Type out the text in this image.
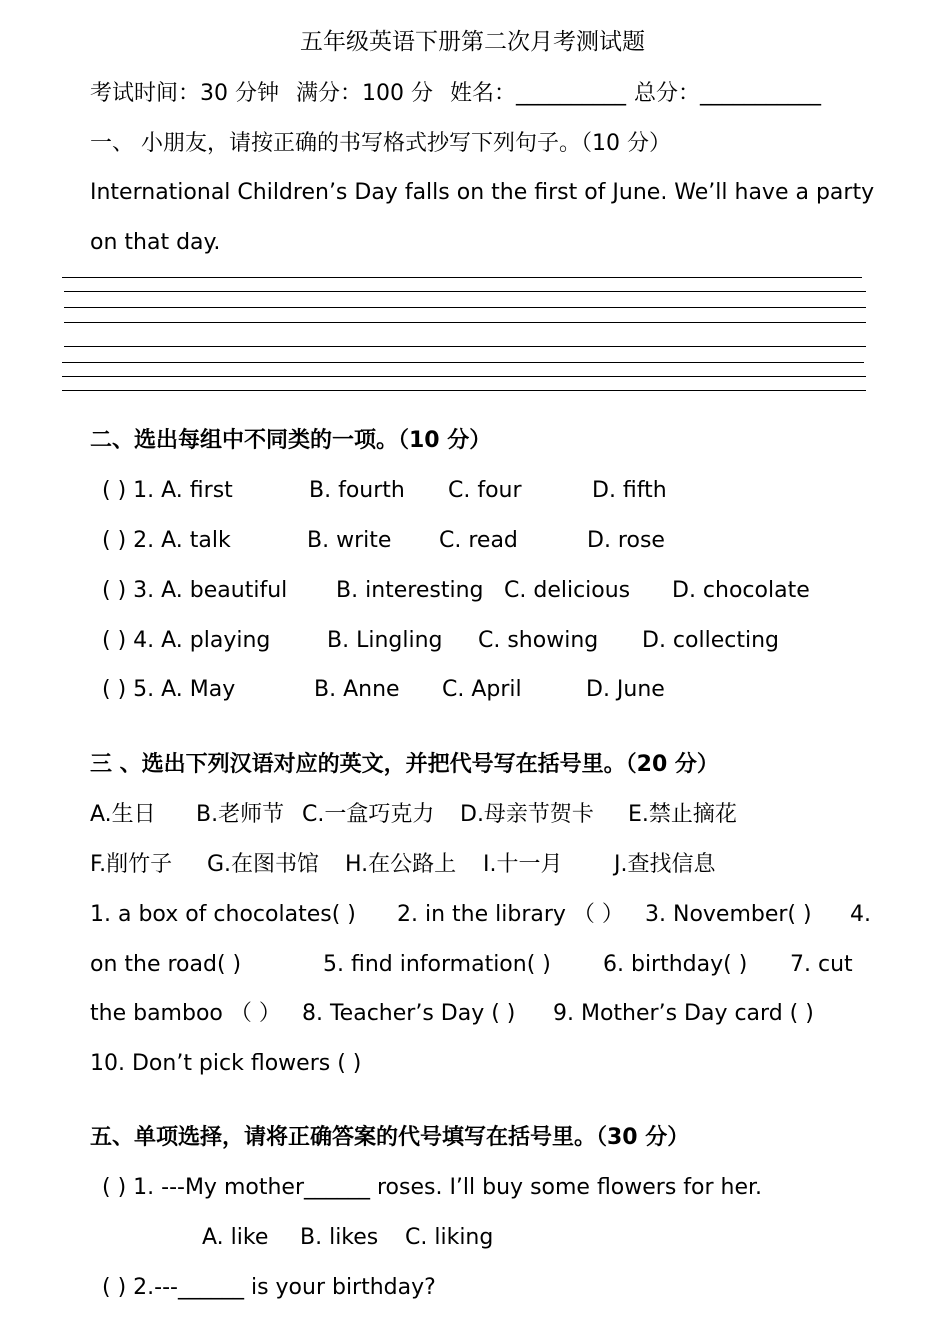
五年级英语下册第二次月考测试题
考试时间：30 分钟 满分：100 分 姓名：__________ 总分：___________
一、 小朋友，请按正确的书写格式抄写下列句子。（10 分）
International Children’s Day falls on the first of June. We’ll have a party
on that day.
二、选出每组中不同类的一项。（10 分）
( ) 1. A. first	B. fourth C. four	D. fifth
( ) 2. A. talk	B. write C. read	D. rose
( ) 3. A. beautiful B. interesting C. delicious D. chocolate
( ) 4. A. playing	B. Lingling C. showing D. collecting
( ) 5. A. May	B. Anne C. April	D. June
三 、选出下列汉语对应的英文，并把代号写在括号里。（20 分）
A.生日 B.老师节 C.一盒巧克力 D.母亲节贺卡 E.禁止摘花
F.削竹子 G.在图书馆 H.在公路上 I.十一月 J.查找信息
1. a box of chocolates( ) 2. in the library （ ） 3. November( ) 4.
on the road( )	5. find information( ) 6. birthday( ) 7. cut
the bamboo （ ） 8. Teacher’s Day ( ) 9. Mother’s Day card ( )
10. Don’t pick flowers ( )
五、单项选择，请将正确答案的代号填写在括号里。（30 分）
( ) 1. ---My mother______ roses. I’ll buy some flowers for her.
A. like B. likes C. liking
( ) 2.---______ is your birthday?
